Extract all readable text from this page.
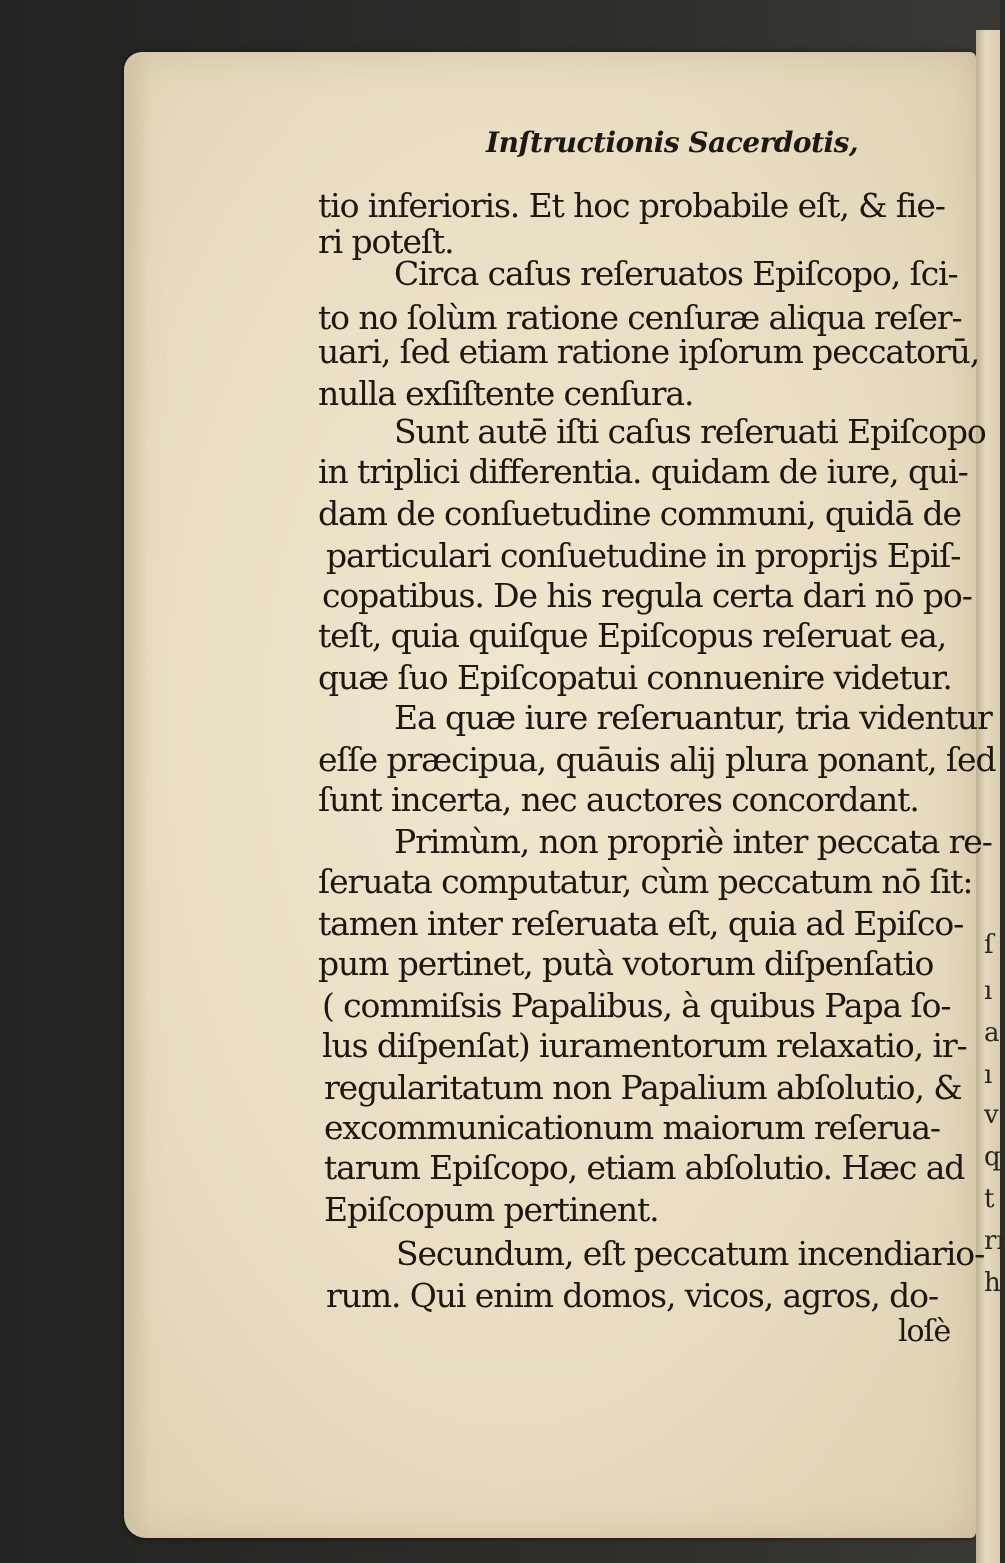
Inſtructionis Sacerdotis,
tio inferioris. Et hoc probabile eſt, & fie-
ri poteſt.
Circa caſus reſeruatos Epiſcopo, ſci-
to no ſolùm ratione cenſuræ aliqua reſer-
uari, ſed etiam ratione ipſorum peccatorū,
nulla exſiſtente cenſura.
Sunt autē iſti caſus reſeruati Epiſcopo
in triplici differentia. quidam de iure, qui-
dam de conſuetudine communi, quidā de
particulari conſuetudine in proprijs Epiſ-
copatibus. De his regula certa dari nō po-
teſt, quia quiſque Epiſcopus reſeruat ea,
quæ ſuo Epiſcopatui connuenire videtur.
Ea quæ iure reſeruantur, tria videntur
eſſe præcipua, quāuis alij plura ponant, ſed
ſunt incerta, nec auctores concordant.
Primùm, non propriè inter peccata re-
ſeruata computatur, cùm peccatum nō ſit:
tamen inter reſeruata eſt, quia ad Epiſco-
pum pertinet, putà votorum diſpenſatio
( commiſsis Papalibus, à quibus Papa ſo-
lus diſpenſat) iuramentorum relaxatio, ir-
regularitatum non Papalium abſolutio, &
excommunicationum maiorum reſerua-
tarum Epiſcopo, etiam abſolutio. Hæc ad
Epiſcopum pertinent.
Secundum, eſt peccatum incendiario-
rum. Qui enim domos, vicos, agros, do-
loſè
ſ
ı
a
ı
v
q
t
rı
h
